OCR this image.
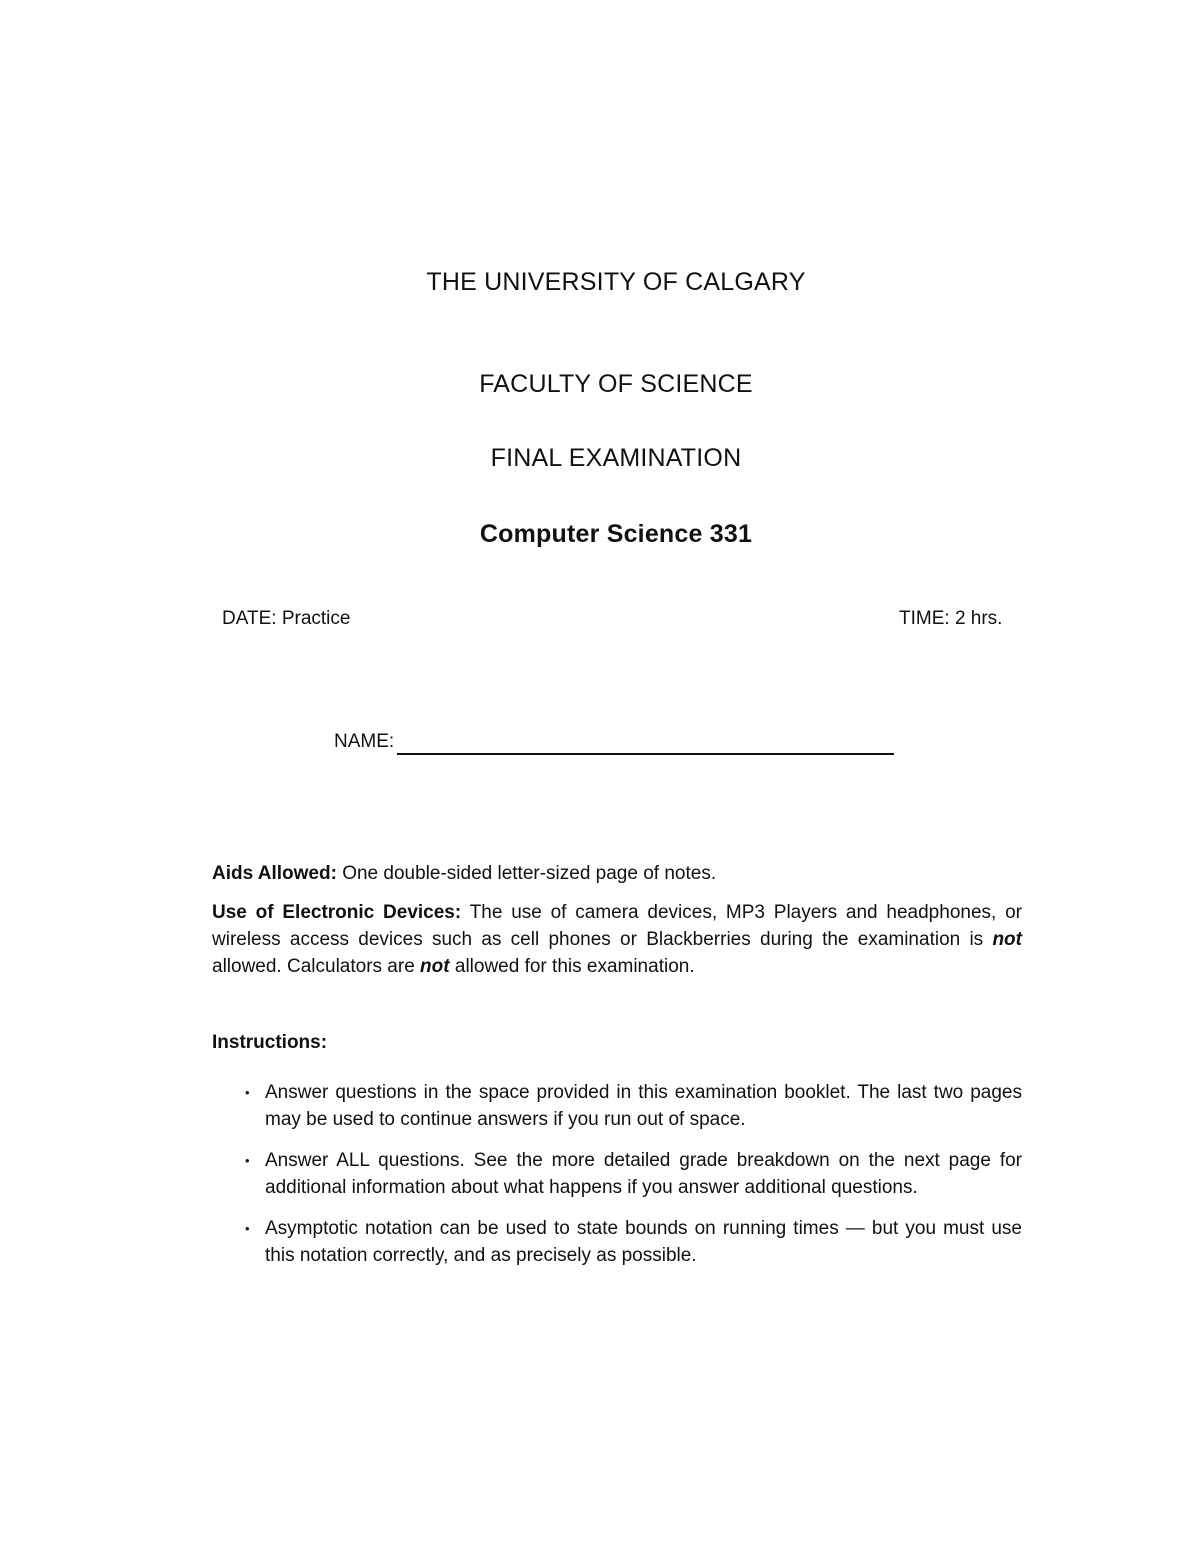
THE UNIVERSITY OF CALGARY
FACULTY OF SCIENCE
FINAL EXAMINATION
Computer Science 331
DATE: Practice	TIME: 2 hrs.
NAME:
Aids Allowed: One double-sided letter-sized page of notes.
Use of Electronic Devices: The use of camera devices, MP3 Players and headphones, or wireless access devices such as cell phones or Blackberries during the examination is not allowed. Calculators are not allowed for this examination.
Instructions:
• Answer questions in the space provided in this examination booklet. The last two pages may be used to continue answers if you run out of space.
• Answer ALL questions. See the more detailed grade breakdown on the next page for additional information about what happens if you answer additional questions.
• Asymptotic notation can be used to state bounds on running times — but you must use this notation correctly, and as precisely as possible.
